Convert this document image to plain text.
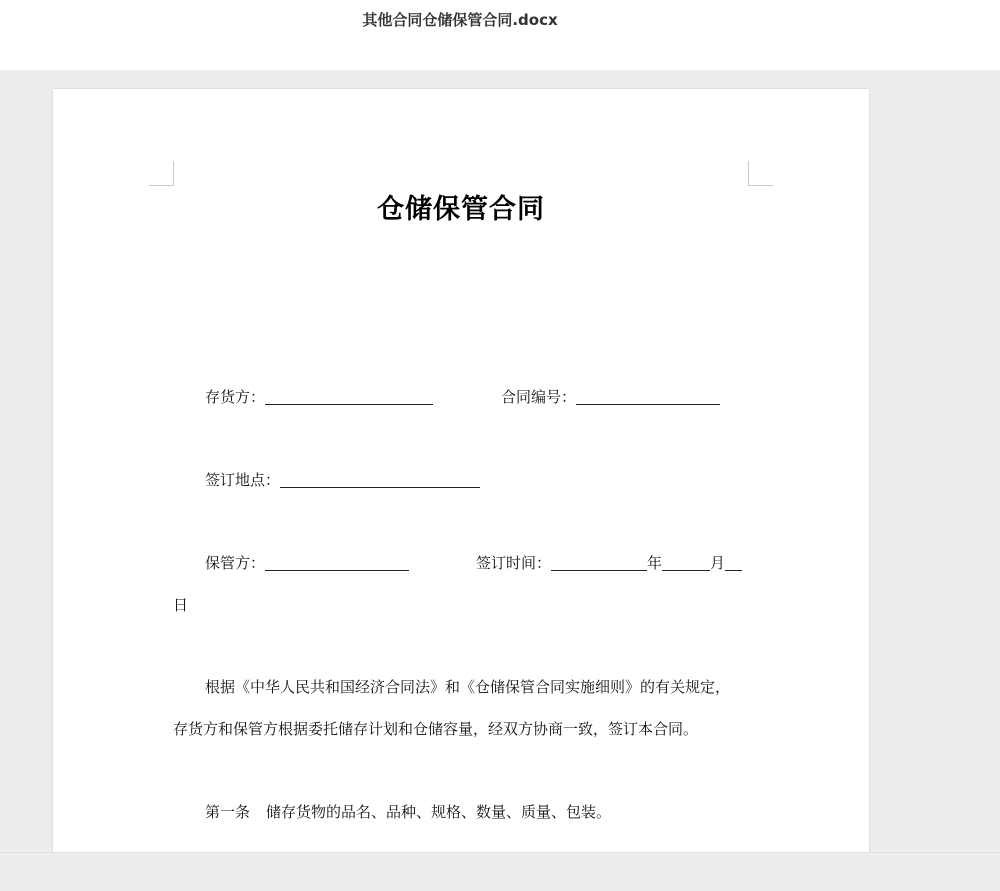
其他合同仓储保管合同.docx
仓储保管合同
存货方：	合同编号：
签订地点：
保管方：	签订时间：	年	月
日
根据《中华人民共和国经济合同法》和《仓储保管合同实施细则》的有关规定，
存货方和保管方根据委托储存计划和仓储容量，经双方协商一致，签订本合同。
第一条 储存货物的品名、品种、规格、数量、质量、包装。
